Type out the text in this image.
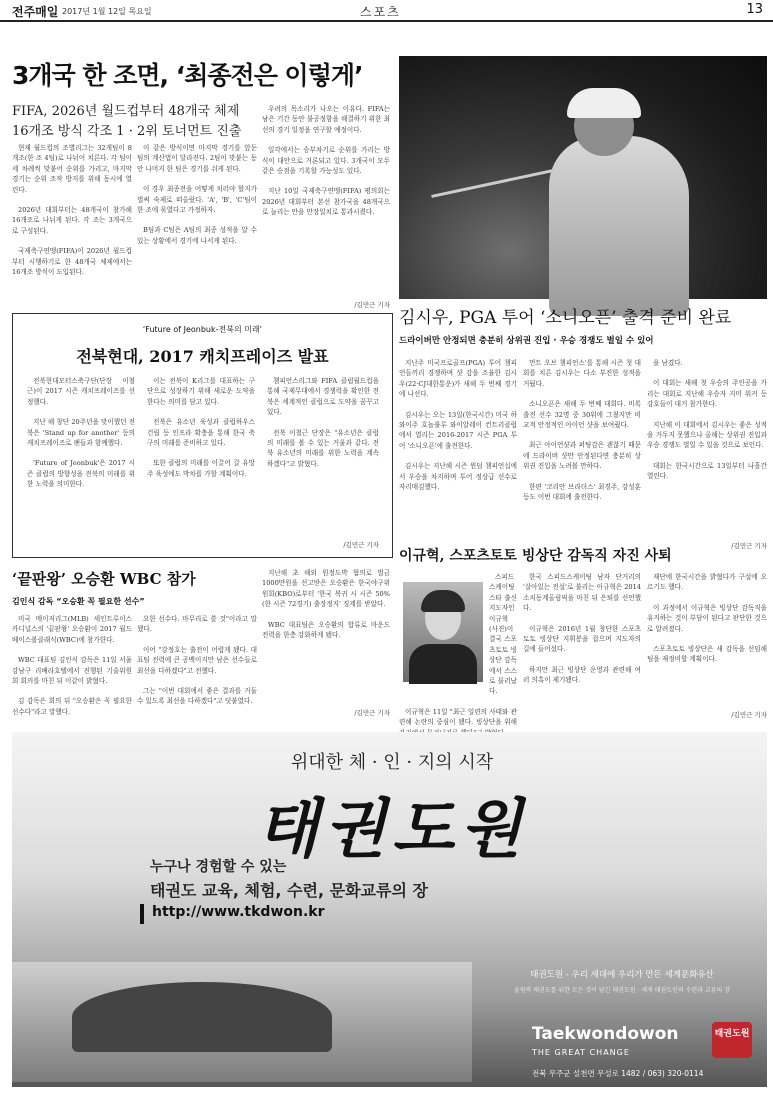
전주매일 2017년 1월 12일 목요일	스포츠	13
3개국 한 조면, ‘최종전은 이렇게’
FIFA, 2026년 월드컵부터 48개국 체제
16개조 방식 각조 1 · 2위 토너먼트 진출

현재 월드컵의 조별리그는 32개팀이 8개조(한 조 4팀)로 나뉘어 치른다. 각 팀이 세 차례씩 맞붙어 순위를 가리고, 마지막 경기는 순위 조작 방지를 위해 동시에 열린다.

2026년 대회부터는 48개국이 참가해 16개조로 나뉘게 된다. 각 조는 3개국으로 구성된다.

국제축구연맹(FIFA)이 2026년 월드컵부터 시행하기로 한 48개국 체제에서는 16개조 방식이 도입된다.

이 같은 방식이면 마지막 경기를 앞둔 팀의 계산법이 달라진다. 2팀이 맞붙는 동안 나머지 한 팀은 경기를 쉬게 된다.

이 경우 최종전을 어떻게 치러야 할지가 벌써 숙제로 떠올랐다. 'A', 'B', 'C'팀이 한 조에 묶였다고 가정하자.

B팀과 C팀은 A팀의 최종 성적을 알 수 있는 상황에서 경기에 나서게 된다.

우려의 목소리가 나오는 이유다. FIFA는 남은 기간 동안 불공정함을 해결하기 위한 최선의 경기 일정을 연구할 예정이다.

일각에서는 승부차기로 순위를 가리는 방식이 대안으로 거론되고 있다. 3개국이 모두 같은 승점을 기록할 가능성도 있다.

지난 10일 국제축구연맹(FIFA) 평의회는 2026년 대회부터 본선 참가국을 48개국으로 늘리는 안을 만장일치로 통과시켰다.

/김민근 기자
김시우, PGA 투어 ‘소니오픈’ 출격 준비 완료
드라이버만 안정되면 충분히 상위권 진입 · 우승 경쟁도 벌일 수 있어

지난주 미국프로골프(PGA) 투어 챔피언들끼리 경쟁하며 샷 감을 조율한 김시우(22·CJ대한통운)가 새해 두 번째 경기에 나선다.

김시우는 오는 13일(한국시간) 미국 하와이주 호놀룰루 와이알레이 컨트리클럽에서 열리는 2016-2017 시즌 PGA 투어 '소니오픈'에 출전한다.

김시우는 지난해 시즌 윈덤 챔피언십에서 우승을 차지하며 투어 정상급 선수로 자리매김했다.

먼트 오브 챔피언스'를 통해 시즌 첫 대회를 치른 김시우는 다소 부진한 성적을 거뒀다.

소니오픈은 새해 두 번째 대회다. 비록 출전 선수 32명 중 30위에 그쳤지만 비교적 안정적인 아이언 샷을 보여줬다.

최근 아이언샷과 퍼팅감은 괜찮기 때문에 드라이버 샷만 안정된다면 충분히 상위권 진입을 노려볼 만하다.

한편 '코리안 브라더스' 최경주, 강성훈 등도 이번 대회에 출전한다.

을 남겼다.

이 대회는 새해 첫 우승의 주인공을 가리는 대회로 지난해 우승자 지미 워커 등 강호들이 대거 참가한다.

지난해 이 대회에서 김시우는 좋은 성적을 거두지 못했으나 올해는 상위권 진입과 우승 경쟁도 벌일 수 있을 것으로 보인다.

대회는 한국시간으로 13일부터 나흘간 열린다.

/김민근 기자
‘Future of Jeonbuk-전북의 미래’
전북현대, 2017 캐치프레이즈 발표

전북현대모터스축구단(단장 이철근)이 2017 시즌 캐치프레이즈를 선정했다.

지난 해 창단 20주년을 맞이했던 전북은 'Stand up for another' 등의 캐치프레이즈로 팬들과 함께했다.

'Future of Jeonbuk'은 2017 시즌 클럽의 방향성을 전북의 미래를 위한 노력을 의미한다.

이는 전북이 K리그를 대표하는 구단으로 성장하기 위해 새로운 도약을 한다는 의미를 담고 있다.

전북은 유소년 육성과 클럽하우스 건립 등 인프라 확충을 통해 한국 축구의 미래를 준비하고 있다.

또한 클럽의 미래를 이끌어 갈 유망주 육성에도 박차를 가할 계획이다.

챔피언스리그와 FIFA 클럽월드컵을 통해 국제무대에서 경쟁력을 확인한 전북은 세계적인 클럽으로 도약을 꿈꾸고 있다.

전북 이철근 단장은 "유소년은 클럽의 미래를 볼 수 있는 거울과 같다. 전북 유소년의 미래를 위한 노력을 계속하겠다"고 밝혔다.

/김민근 기자
‘끝판왕’ 오승환 WBC 참가
김인식 감독 “오승환 꼭 필요한 선수”

미국 메이저리그(MLB) 세인트루이스 카디널스의 '끝판왕' 오승환이 2017 월드베이스볼클래식(WBC)에 참가한다.

WBC 대표팀 김인식 감독은 11일 서울 강남구 리베라호텔에서 진행된 기술위원회 회의를 마친 뒤 이같이 밝혔다.

김 감독은 회의 뒤 "오승환은 꼭 필요한 선수다"라고 말했다.

요한 선수다. 마무리로 쓸 것"이라고 말했다.

이어 "강정호는 출전이 어렵게 됐다. 대표팀 전력에 큰 공백이지만 남은 선수들로 최선을 다하겠다"고 전했다.

그는 "이번 대회에서 좋은 결과를 거둘 수 있도록 최선을 다하겠다"고 덧붙였다.

지난해 초 해외 원정도박 혐의로 벌금 1000만원을 선고받은 오승환은 한국야구위원회(KBO)로부터 '한국 복귀 시 시즌 50%(한 시즌 72경기) 출장정지' 징계를 받았다.

WBC 대표팀은 오승환의 합류로 마운드 전력을 한층 강화하게 됐다.

/김민근 기자
이규혁, 스포츠토토 빙상단 감독직 자진 사퇴

스피드스케이팅 스타 출신 지도자인 이규혁 (사진)이 결국 스포츠토토 빙상단 감독에서 스스로 물러났다.

이규혁은 11일 "최근 일련의 사태와 관련해 논란의 중심이 됐다. 빙상단을 위해

한국 스피드스케이팅 남자 단거리의 '살아있는 전설'로 불리는 이규혁은 2014 소치동계올림픽을 마친 뒤 은퇴를 선언했다.

이규혁은 2016년 1월 창단한 스포츠토토 빙상단 지휘봉을 잡으며 지도자의 길에 들어섰다.

하지만 최근 빙상단 운영과 관련해 여러 의혹이 제기됐다.

재단에 한국시간을 밝혔다가 구설에 오르기도 했다.

이 과정에서 이규혁은 빙상단 감독직을 유지하는 것이 부담이 된다고 판단한 것으로 알려졌다.

스포츠토토 빙상단은 새 감독을 선임해 팀을 재정비할 계획이다.

/김민근 기자
위대한 체 · 인 · 지의 시작
태권도원
누구나 경험할 수 있는
태권도 교육, 체험, 수련, 문화교류의 장
http://www.tkdwon.kr
태권도원 - 우리 세대에 우리가 만든 세계문화유산
올림픽 태권도를 위한 모든 것이 담긴 태권도원 · 세계 태권도인의 수련과 교류의 장
Taekwondowon
THE GREAT CHANGE
태권도원
전북 무주군 설천면 무설로 1482 / 063) 320-0114
